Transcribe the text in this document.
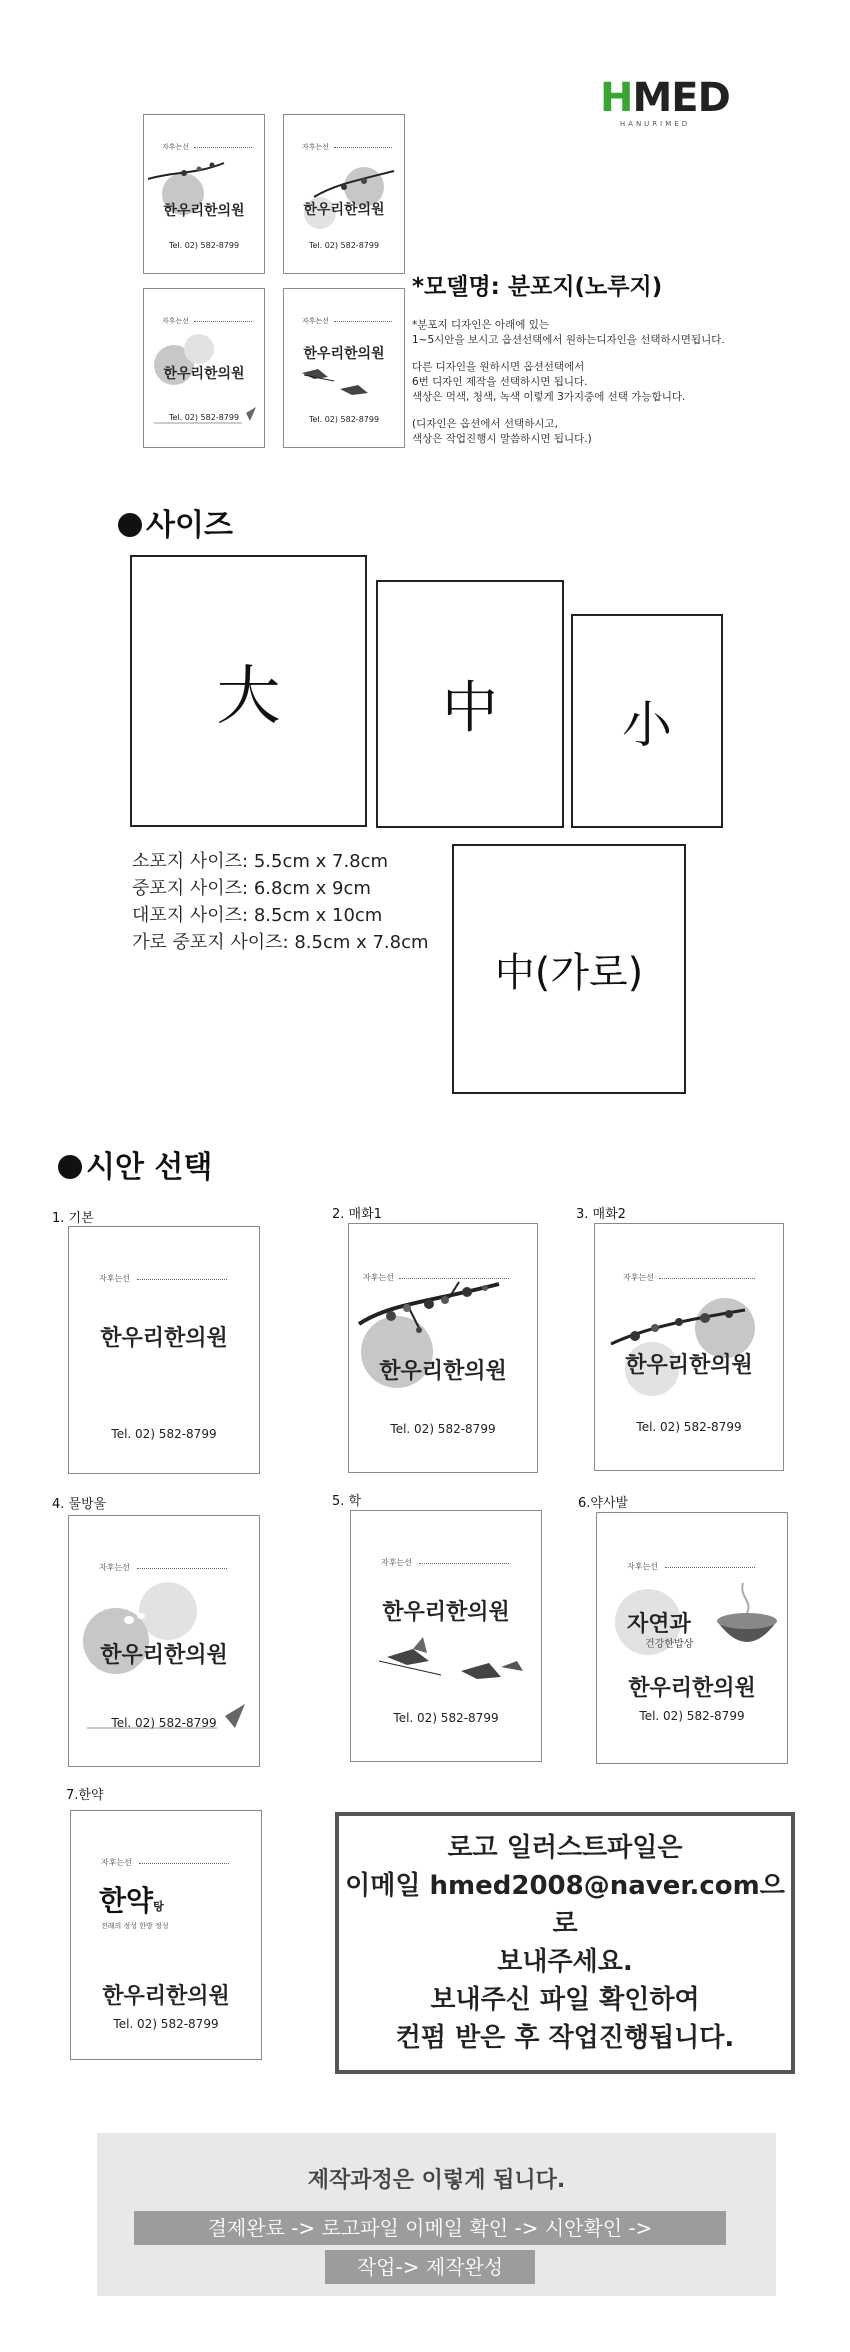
HMED
HANURIMED
자후는선
한우리한의원
Tel. 02) 582-8799
자후는선
한우리한의원
Tel. 02) 582-8799
자후는선
한우리한의원
Tel. 02) 582-8799
자후는선
한우리한의원
Tel. 02) 582-8799
*모델명: 분포지(노루지)

*분포지 디자인은 아래에 있는
1~5시안을 보시고 옵션선택에서 원하는디자인을 선택하시면됩니다.

다른 디자인을 원하시면 옵션선택에서
6번 디자인 제작을 선택하시면 됩니다.
색상은 먹색, 청색, 녹색 이렇게 3가지중에 선택 가능합니다.

(디자인은 옵션에서 선택하시고,
색상은 작업진행시 말씀하시면 됩니다.)

사이즈
大	中 小
中(가로)
소포지 사이즈: 5.5cm x 7.8cm
중포지 사이즈: 6.8cm x 9cm
대포지 사이즈: 8.5cm x 10cm
가로 중포지 사이즈: 8.5cm x 7.8cm
시안 선택
1. 기본
자후는선
한우리한의원
Tel. 02) 582-8799
2. 매화1
자후는선
한우리한의원
Tel. 02) 582-8799
3. 매화2
자후는선
한우리한의원
Tel. 02) 582-8799
4. 물방울
자후는선
한우리한의원
Tel. 02) 582-8799
5. 학
자후는선
한우리한의원
Tel. 02) 582-8799
6.약사발
자후는선
자연과
건강한밥상
한우리한의원
Tel. 02) 582-8799
7.한약
자후는선
한약탕
전래의 정성 한방 정성
한우리한의원
Tel. 02) 582-8799
로고 일러스트파일은
이메일 hmed2008@naver.com으로
보내주세요.
보내주신 파일 확인하여
컨펌 받은 후 작업진행됩니다.
제작과정은 이렇게 됩니다.
결제완료 -> 로고파일 이메일 확인 -> 시안확인 ->
작업-> 제작완성
